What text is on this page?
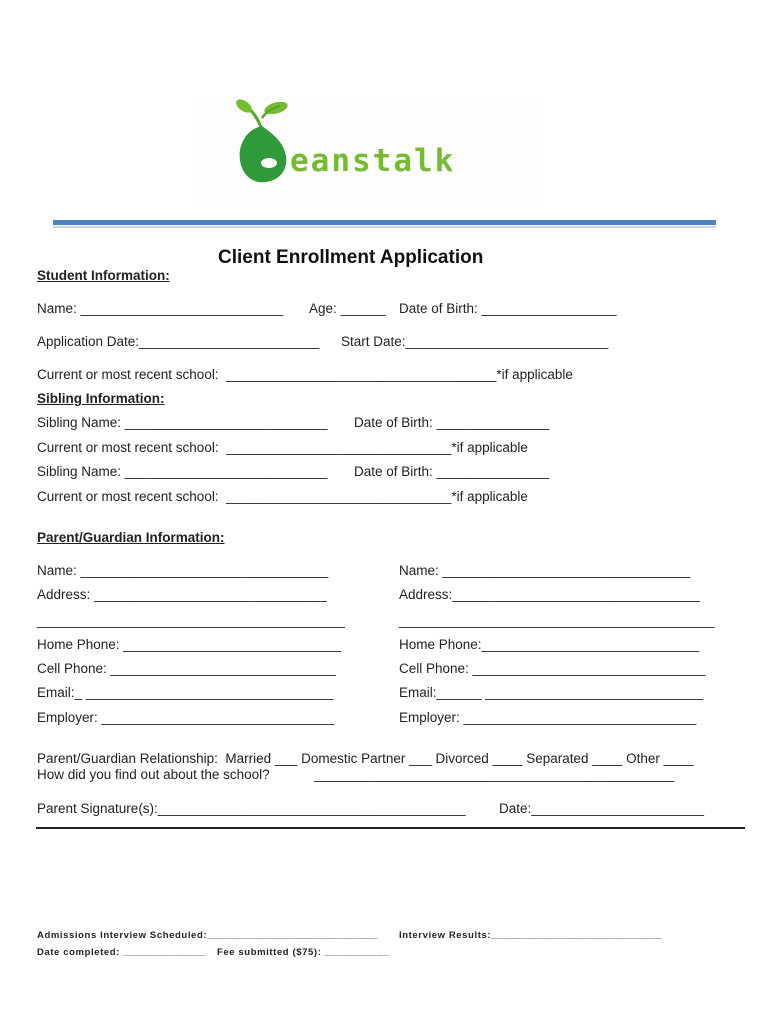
eanstalk
Client Enrollment Application
Student Information:
Name: ___________________________ Age: ______ Date of Birth: __________________
Application Date:________________________ Start Date:___________________________
Current or most recent school:  ____________________________________*if applicable
Sibling Information:
Sibling Name: ___________________________ Date of Birth: _______________
Current or most recent school:  ______________________________*if applicable
Sibling Name: ___________________________ Date of Birth: _______________
Current or most recent school:  ______________________________*if applicable
Parent/Guardian Information:
Name: _________________________________	Name: _________________________________
Address: _______________________________	Address:_________________________________
_________________________________________	__________________________________________
Home Phone: _____________________________	Home Phone:_____________________________
Cell Phone: ______________________________	Cell Phone: _______________________________
Email:_ _________________________________	Email:______ _____________________________
Employer: _______________________________	Employer: _______________________________
Parent/Guardian Relationship:  Married ___ Domestic Partner ___ Divorced ____ Separated ____ Other ____
How did you find out about the school?	________________________________________________
Parent Signature(s):_________________________________________ Date:_______________________
Admissions Interview Scheduled:_____________________________ Interview Results:_____________________________
Date completed: ______________ Fee submitted ($75): ___________
